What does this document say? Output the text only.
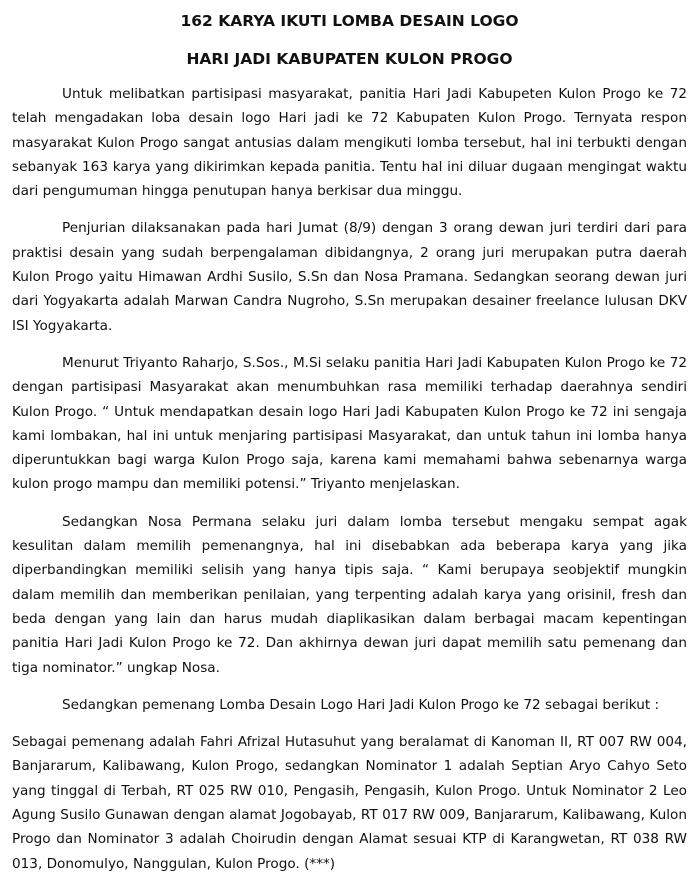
162 KARYA IKUTI LOMBA DESAIN LOGO
HARI JADI KABUPATEN KULON PROGO

Untuk melibatkan partisipasi masyarakat, panitia Hari Jadi Kabupeten Kulon Progo ke 72 telah mengadakan loba desain logo Hari jadi ke 72 Kabupaten Kulon Progo. Ternyata respon masyarakat Kulon Progo sangat antusias dalam mengikuti lomba tersebut, hal ini terbukti dengan sebanyak 163 karya yang dikirimkan kepada panitia. Tentu hal ini diluar dugaan mengingat waktu dari pengumuman hingga penutupan hanya berkisar dua minggu.

Penjurian dilaksanakan pada hari Jumat (8/9) dengan 3 orang dewan juri terdiri dari para praktisi desain yang sudah berpengalaman dibidangnya, 2 orang juri merupakan putra daerah Kulon Progo yaitu Himawan Ardhi Susilo, S.Sn dan Nosa Pramana. Sedangkan seorang dewan juri dari Yogyakarta adalah Marwan Candra Nugroho, S.Sn merupakan desainer freelance lulusan DKV ISI Yogyakarta.

Menurut Triyanto Raharjo, S.Sos., M.Si selaku panitia Hari Jadi Kabupaten Kulon Progo ke 72 dengan partisipasi Masyarakat akan menumbuhkan rasa memiliki terhadap daerahnya sendiri Kulon Progo. “ Untuk mendapatkan desain logo Hari Jadi Kabupaten Kulon Progo ke 72 ini sengaja kami lombakan, hal ini untuk menjaring partisipasi Masyarakat, dan untuk tahun ini lomba hanya diperuntukkan bagi warga Kulon Progo saja, karena kami memahami bahwa sebenarnya warga kulon progo mampu dan memiliki potensi.” Triyanto menjelaskan.

Sedangkan Nosa Permana selaku juri dalam lomba tersebut mengaku sempat agak kesulitan dalam memilih pemenangnya, hal ini disebabkan ada beberapa karya yang jika diperbandingkan memiliki selisih yang hanya tipis saja. “ Kami berupaya seobjektif mungkin dalam memilih dan memberikan penilaian, yang terpenting adalah karya yang orisinil, fresh dan beda dengan yang lain dan harus mudah diaplikasikan dalam berbagai macam kepentingan panitia Hari Jadi Kulon Progo ke 72. Dan akhirnya dewan juri dapat memilih satu pemenang dan tiga nominator.” ungkap Nosa.

Sedangkan pemenang Lomba Desain Logo Hari Jadi Kulon Progo ke 72 sebagai berikut :

Sebagai pemenang adalah Fahri Afrizal Hutasuhut yang beralamat di Kanoman II, RT 007 RW 004, Banjararum, Kalibawang, Kulon Progo, sedangkan Nominator 1 adalah Septian Aryo Cahyo Seto yang tinggal di Terbah, RT 025 RW 010, Pengasih, Pengasih, Kulon Progo. Untuk Nominator 2 Leo Agung Susilo Gunawan dengan alamat Jogobayab, RT 017 RW 009, Banjararum, Kalibawang, Kulon Progo dan Nominator 3 adalah Choirudin dengan Alamat sesuai KTP di Karangwetan, RT 038 RW 013, Donomulyo, Nanggulan, Kulon Progo. (***)
